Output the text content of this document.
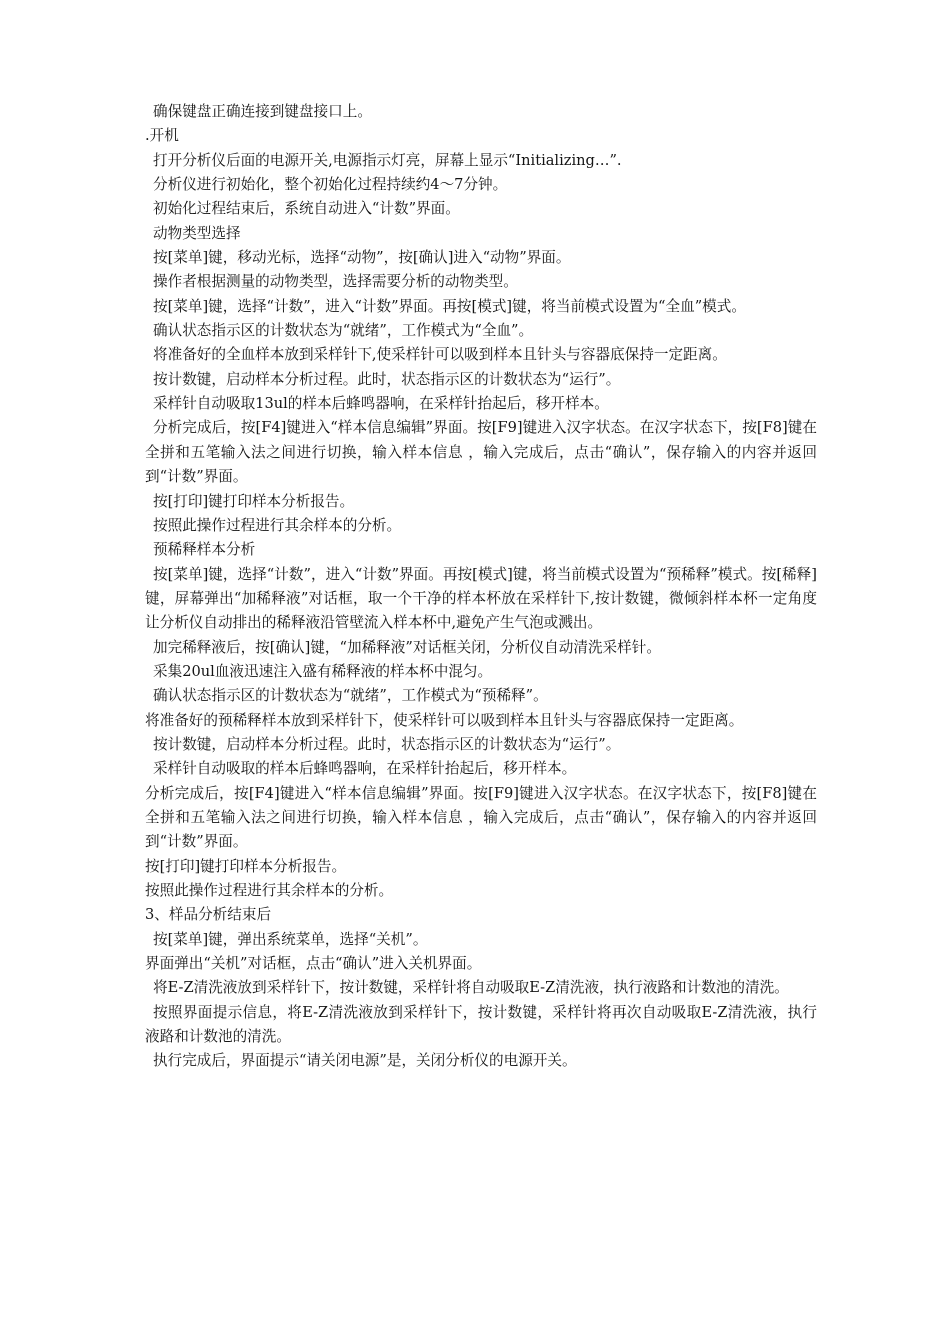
确保键盘正确连接到键盘接口上。

.开机

打开分析仪后面的电源开关,电源指示灯亮，屏幕上显示“Initializing…”.

分析仪进行初始化，整个初始化过程持续约4～7分钟。

初始化过程结束后，系统自动进入“计数”界面。

动物类型选择

按[菜单]键，移动光标，选择“动物”，按[确认]进入“动物”界面。

操作者根据测量的动物类型，选择需要分析的动物类型。

按[菜单]键，选择“计数”，进入“计数”界面。再按[模式]键，将当前模式设置为“全血”模式。

确认状态指示区的计数状态为“就绪”，工作模式为“全血”。

将准备好的全血样本放到采样针下,使采样针可以吸到样本且针头与容器底保持一定距离。

按计数键，启动样本分析过程。此时，状态指示区的计数状态为“运行”。

采样针自动吸取13ul的样本后蜂鸣器响，在采样针抬起后，移开样本。

分析完成后，按[F4]键进入“样本信息编辑”界面。按[F9]键进入汉字状态。在汉字状态下，按[F8]键在全拼和五笔输入法之间进行切换，输入样本信息 ，输入完成后，点击“确认”，保存输入的内容并返回到“计数”界面。

按[打印]键打印样本分析报告。

按照此操作过程进行其余样本的分析。

预稀释样本分析

按[菜单]键，选择“计数”，进入“计数”界面。再按[模式]键，将当前模式设置为“预稀释”模式。按[稀释]键，屏幕弹出“加稀释液”对话框，取一个干净的样本杯放在采样针下,按计数键，微倾斜样本杯一定角度让分析仪自动排出的稀释液沿管壁流入样本杯中,避免产生气泡或溅出。

加完稀释液后，按[确认]键，“加稀释液”对话框关闭，分析仪自动清洗采样针。

采集20ul血液迅速注入盛有稀释液的样本杯中混匀。

确认状态指示区的计数状态为“就绪”，工作模式为“预稀释”。

将准备好的预稀释样本放到采样针下，使采样针可以吸到样本且针头与容器底保持一定距离。

按计数键，启动样本分析过程。此时，状态指示区的计数状态为“运行”。

采样针自动吸取的样本后蜂鸣器响，在采样针抬起后，移开样本。

分析完成后，按[F4]键进入“样本信息编辑”界面。按[F9]键进入汉字状态。在汉字状态下，按[F8]键在全拼和五笔输入法之间进行切换，输入样本信息 ，输入完成后，点击“确认”，保存输入的内容并返回到“计数”界面。

按[打印]键打印样本分析报告。

按照此操作过程进行其余样本的分析。

3、样品分析结束后

按[菜单]键，弹出系统菜单，选择“关机”。

界面弹出“关机”对话框，点击“确认”进入关机界面。

将E-Z清洗液放到采样针下，按计数键，采样针将自动吸取E-Z清洗液，执行液路和计数池的清洗。

按照界面提示信息，将E-Z清洗液放到采样针下，按计数键，采样针将再次自动吸取E-Z清洗液，执行液路和计数池的清洗。

执行完成后，界面提示“请关闭电源”是，关闭分析仪的电源开关。
